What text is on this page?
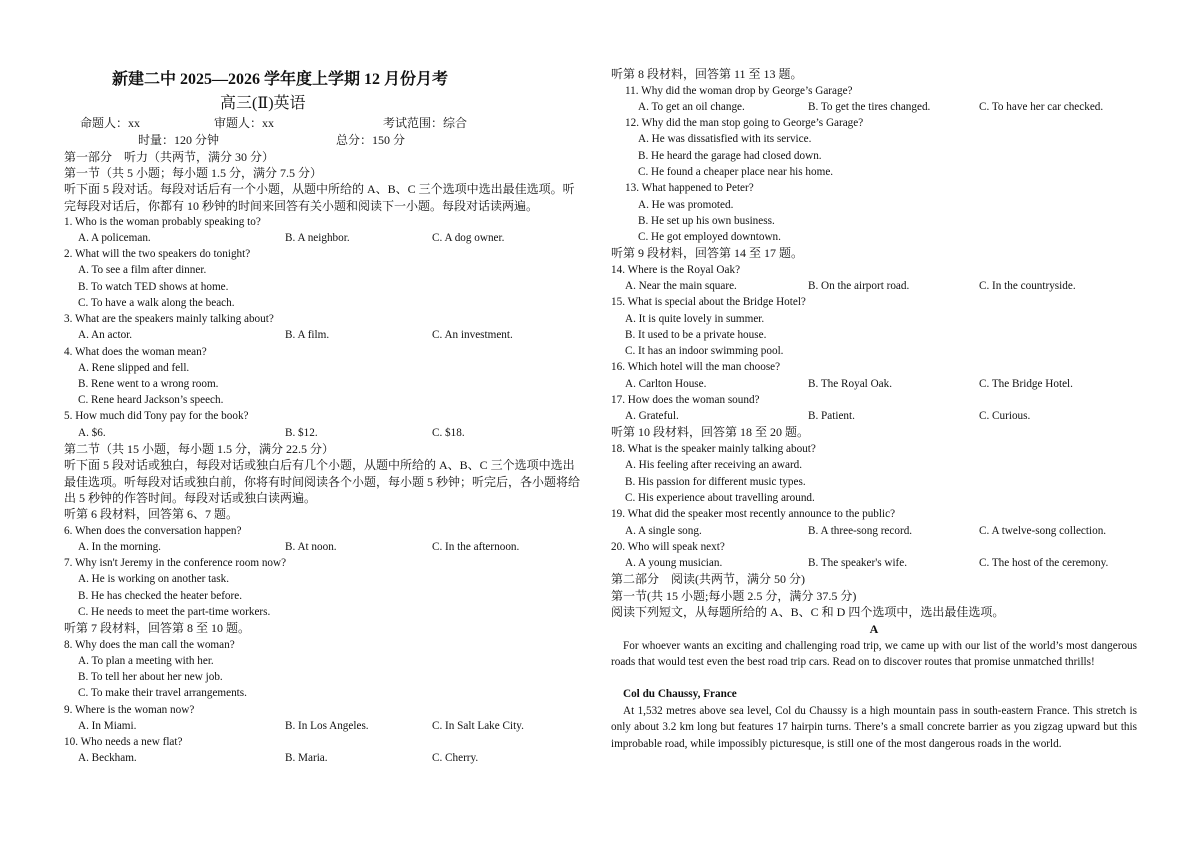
新建二中 2025—2026 学年度上学期 12 月份月考
高三(Ⅱ)英语
命题人：xx	审题人：xx	考试范围：综合
时量：120 分钟	总分：150 分
第一部分　听力（共两节，满分 30 分）
第一节（共 5 小题；每小题 1.5 分，满分 7.5 分）
听下面 5 段对话。每段对话后有一个小题，从题中所给的 A、B、C 三个选项中选出最佳选项。听
完每段对话后，你都有 10 秒钟的时间来回答有关小题和阅读下一小题。每段对话读两遍。
1. Who is the woman probably speaking to?
A. A policeman.	B. A neighbor.	C. A dog owner.
2. What will the two speakers do tonight?
A. To see a film after dinner.
B. To watch TED shows at home.
C. To have a walk along the beach.
3. What are the speakers mainly talking about?
A. An actor.	B. A film.	C. An investment.
4. What does the woman mean?
A. Rene slipped and fell.
B. Rene went to a wrong room.
C. Rene heard Jackson’s speech.
5. How much did Tony pay for the book?
A. $6.	B. $12.	C. $18.
第二节（共 15 小题，每小题 1.5 分，满分 22.5 分）
听下面 5 段对话或独白，每段对话或独白后有几个小题，从题中所给的 A、B、C 三个选项中选出
最佳选项。听每段对话或独白前，你将有时间阅读各个小题，每小题 5 秒钟；听完后，各小题将给
出 5 秒钟的作答时间。每段对话或独白读两遍。
听第 6 段材料，回答第 6、7 题。
6. When does the conversation happen?
A. In the morning.	B. At noon.	C. In the afternoon.
7. Why isn't Jeremy in the conference room now?
A. He is working on another task.
B. He has checked the heater before.
C. He needs to meet the part-time workers.
听第 7 段材料，回答第 8 至 10 题。
8. Why does the man call the woman?
A. To plan a meeting with her.
B. To tell her about her new job.
C. To make their travel arrangements.
9. Where is the woman now?
A. In Miami.	B. In Los Angeles.	C. In Salt Lake City.
10. Who needs a new flat?
A. Beckham.	B. Maria.	C. Cherry.
听第 8 段材料，回答第 11 至 13 题。
11. Why did the woman drop by George’s Garage?
A. To get an oil change.	B. To get the tires changed.	C. To have her car checked.
12. Why did the man stop going to George’s Garage?
A. He was dissatisfied with its service.
B. He heard the garage had closed down.
C. He found a cheaper place near his home.
13. What happened to Peter?
A. He was promoted.
B. He set up his own business.
C. He got employed downtown.
听第 9 段材料，回答第 14 至 17 题。
14. Where is the Royal Oak?
A. Near the main square.	B. On the airport road.	C. In the countryside.
15. What is special about the Bridge Hotel?
A. It is quite lovely in summer.
B. It used to be a private house.
C. It has an indoor swimming pool.
16. Which hotel will the man choose?
A. Carlton House.	B. The Royal Oak.	C. The Bridge Hotel.
17. How does the woman sound?
A. Grateful.	B. Patient.	C. Curious.
听第 10 段材料，回答第 18 至 20 题。
18. What is the speaker mainly talking about?
A. His feeling after receiving an award.
B. His passion for different music types.
C. His experience about travelling around.
19. What did the speaker most recently announce to the public?
A. A single song.	B. A three-song record.	C. A twelve-song collection.
20. Who will speak next?
A. A young musician.	B. The speaker's wife.	C. The host of the ceremony.
第二部分　阅读(共两节，满分 50 分)
第一节(共 15 小题;每小题 2.5 分，满分 37.5 分)
阅读下列短文，从每题所给的 A、B、C 和 D 四个选项中，选出最佳选项。
A
For whoever wants an exciting and challenging road trip, we came up with our list of the world’s most dangerous roads that would test even the best road trip cars. Read on to discover routes that promise unmatched thrills!
Col du Chaussy, France
At 1,532 metres above sea level, Col du Chaussy is a high mountain pass in south-eastern France. This stretch is only about 3.2 km long but features 17 hairpin turns. There’s a small concrete barrier as you zigzag upward but this improbable road, while impossibly picturesque, is still one of the most dangerous roads in the world.
